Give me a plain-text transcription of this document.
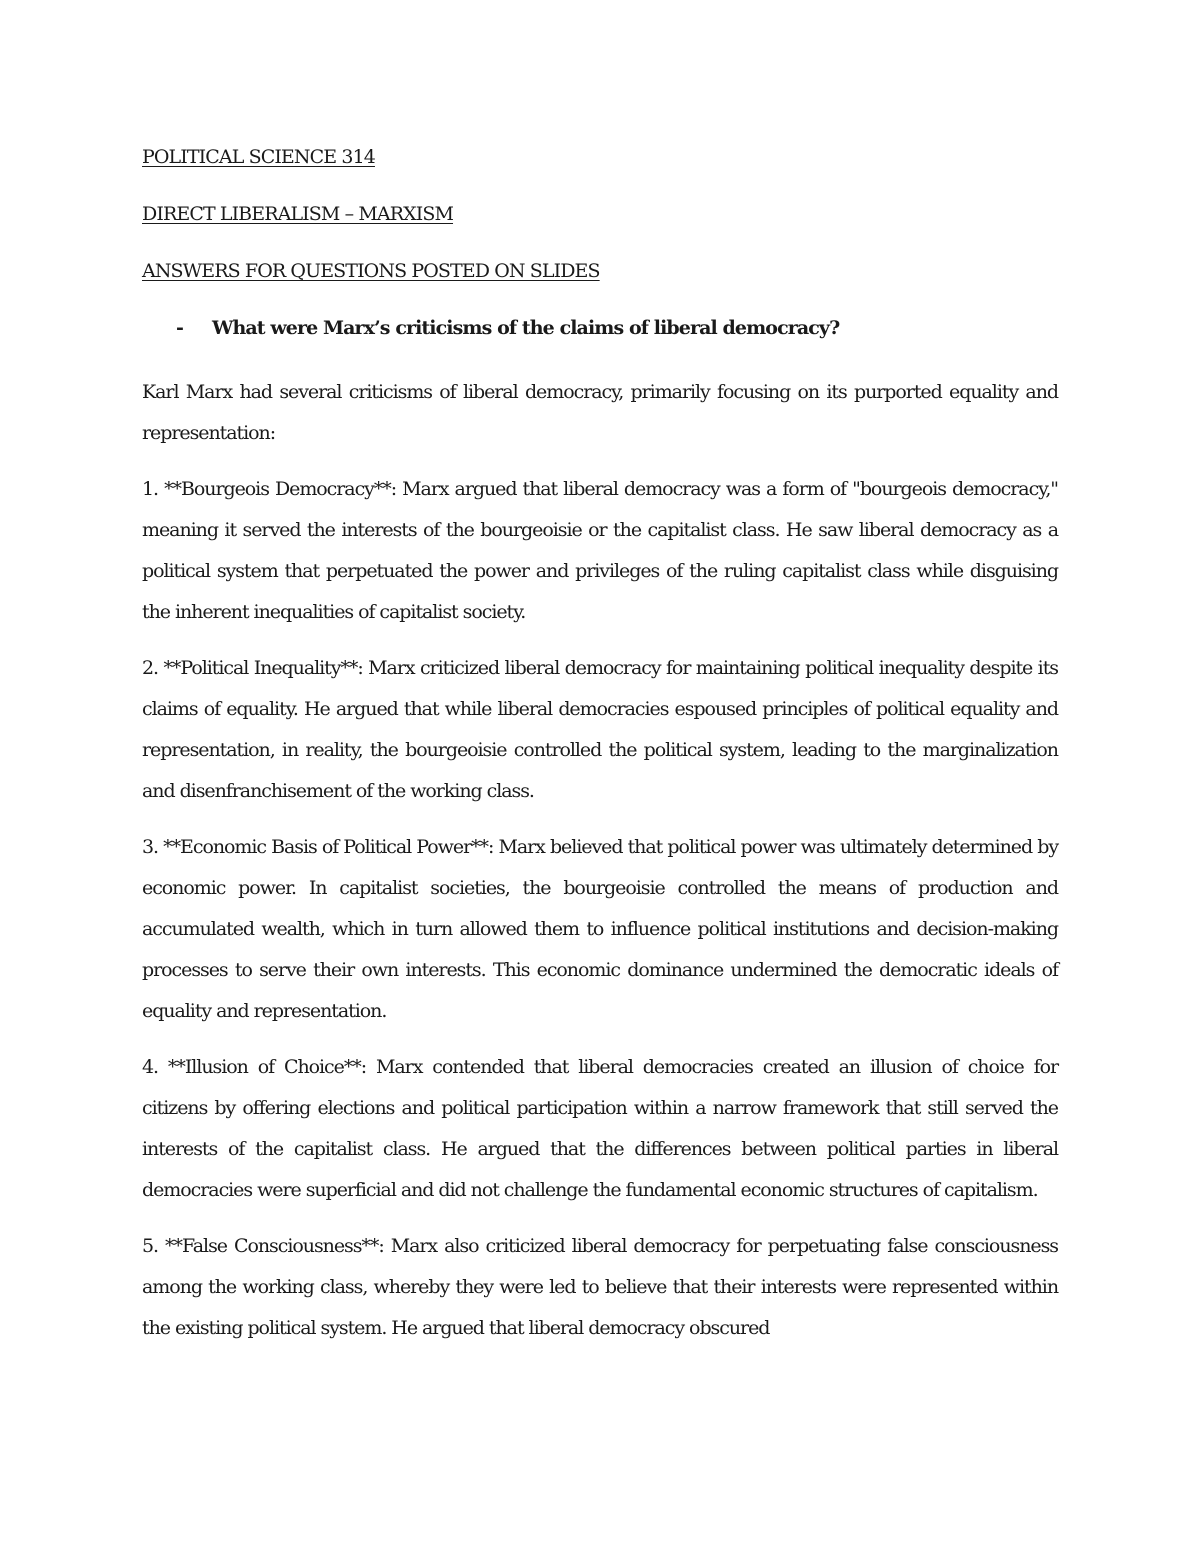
POLITICAL SCIENCE 314
DIRECT LIBERALISM – MARXISM
ANSWERS FOR QUESTIONS POSTED ON SLIDES
-	What were Marx’s criticisms of the claims of liberal democracy?

Karl Marx had several criticisms of liberal democracy, primarily focusing on its purported equality and representation:

1. **Bourgeois Democracy**: Marx argued that liberal democracy was a form of "bourgeois democracy," meaning it served the interests of the bourgeoisie or the capitalist class. He saw liberal democracy as a political system that perpetuated the power and privileges of the ruling capitalist class while disguising the inherent inequalities of capitalist society.

2. **Political Inequality**: Marx criticized liberal democracy for maintaining political inequality despite its claims of equality. He argued that while liberal democracies espoused principles of political equality and representation, in reality, the bourgeoisie controlled the political system, leading to the marginalization and disenfranchisement of the working class.

3. **Economic Basis of Political Power**: Marx believed that political power was ultimately determined by economic power. In capitalist societies, the bourgeoisie controlled the means of production and accumulated wealth, which in turn allowed them to influence political institutions and decision-making processes to serve their own interests. This economic dominance undermined the democratic ideals of equality and representation.

4. **Illusion of Choice**: Marx contended that liberal democracies created an illusion of choice for citizens by offering elections and political participation within a narrow framework that still served the interests of the capitalist class. He argued that the differences between political parties in liberal democracies were superficial and did not challenge the fundamental economic structures of capitalism.

5. **False Consciousness**: Marx also criticized liberal democracy for perpetuating false consciousness among the working class, whereby they were led to believe that their interests were represented within the existing political system. He argued that liberal democracy obscured
